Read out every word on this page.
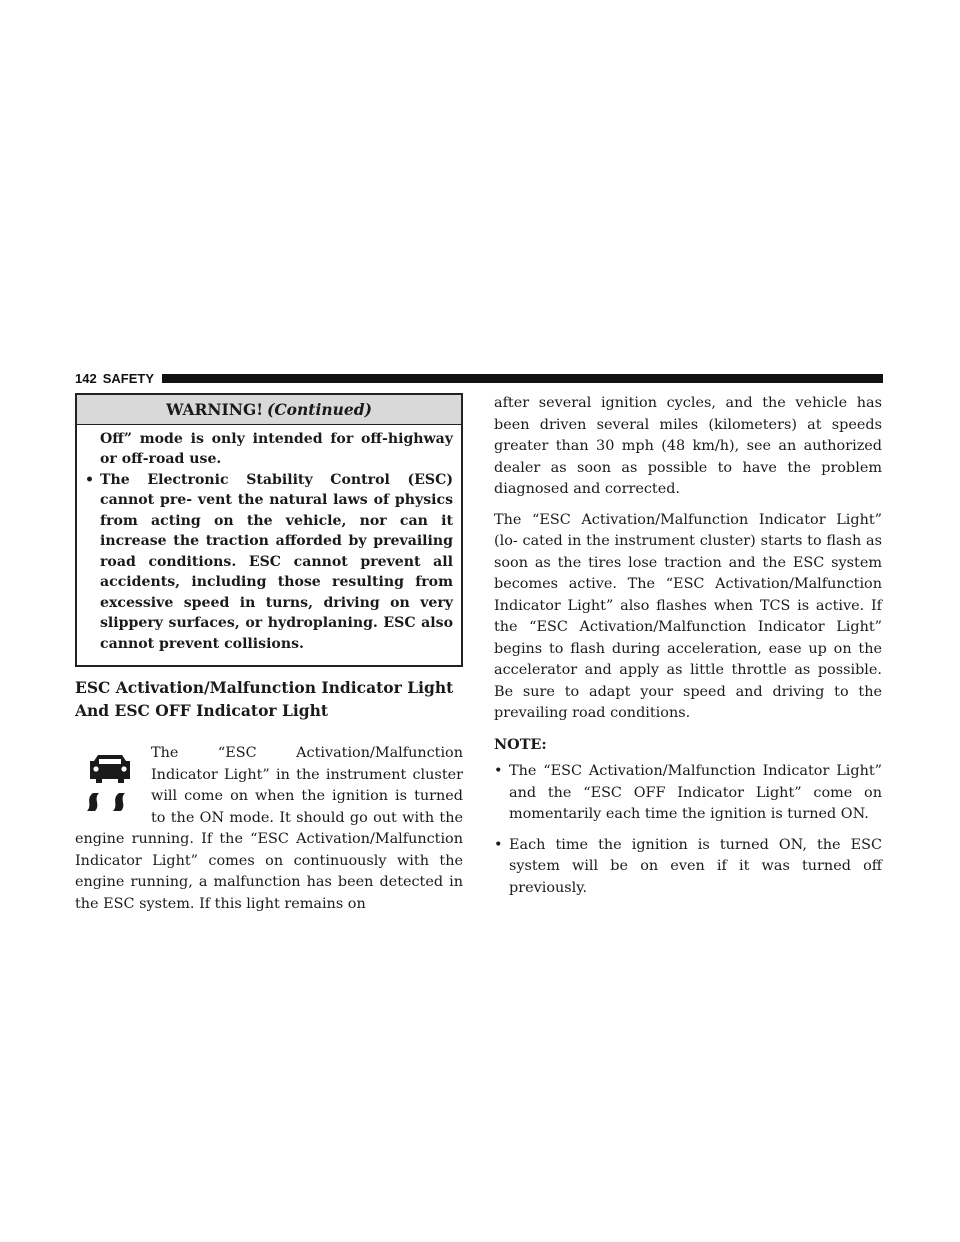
142 SAFETY
WARNING! (Continued)
Off” mode is only intended for off-highway or off-road use.
• The Electronic Stability Control (ESC) cannot pre- vent the natural laws of physics from acting on the vehicle, nor can it increase the traction afforded by prevailing road conditions. ESC cannot prevent all accidents, including those resulting from excessive speed in turns, driving on very slippery surfaces, or hydroplaning. ESC also cannot prevent collisions.
ESC Activation/Malfunction Indicator Light And ESC OFF Indicator Light

The “ESC Activation/Malfunction Indicator Light” in the instrument cluster will come on when the ignition is turned to the ON mode. It should go out with the engine running. If the “ESC Activation/Malfunction Indicator Light” comes on continuously with the engine running, a malfunction has been detected in the ESC system. If this light remains on

after several ignition cycles, and the vehicle has been driven several miles (kilometers) at speeds greater than 30 mph (48 km/h), see an authorized dealer as soon as possible to have the problem diagnosed and corrected.

The “ESC Activation/Malfunction Indicator Light” (lo- cated in the instrument cluster) starts to flash as soon as the tires lose traction and the ESC system becomes active. The “ESC Activation/Malfunction Indicator Light” also flashes when TCS is active. If the “ESC Activation/Malfunction Indicator Light” begins to flash during acceleration, ease up on the accelerator and apply as little throttle as possible. Be sure to adapt your speed and driving to the prevailing road conditions.

NOTE:
• The “ESC Activation/Malfunction Indicator Light” and the “ESC OFF Indicator Light” come on momentarily each time the ignition is turned ON.
• Each time the ignition is turned ON, the ESC system will be on even if it was turned off previously.
